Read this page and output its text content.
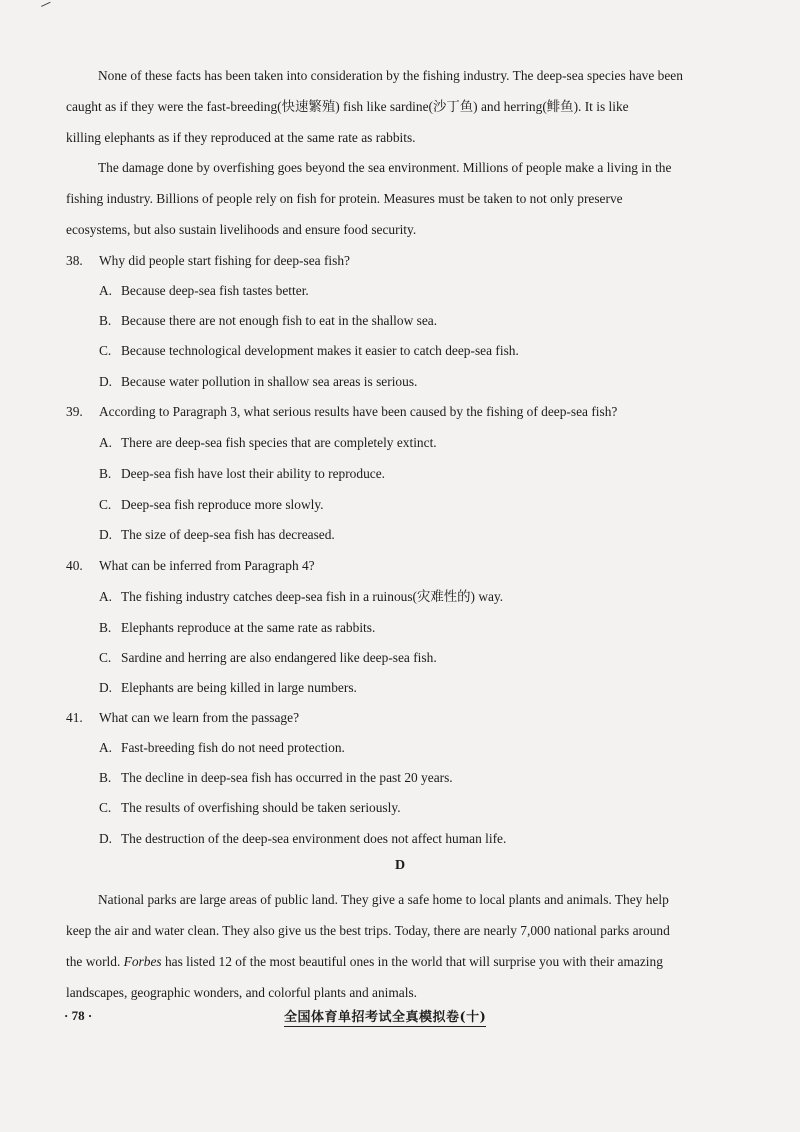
None of these facts has been taken into consideration by the fishing industry. The deep-sea species have been
caught as if they were the fast-breeding(快速繁殖) fish like sardine(沙丁鱼) and herring(鲱鱼). It is like
killing elephants as if they reproduced at the same rate as rabbits.

The damage done by overfishing goes beyond the sea environment. Millions of people make a living in the
fishing industry. Billions of people rely on fish for protein. Measures must be taken to not only preserve
ecosystems, but also sustain livelihoods and ensure food security.

38. Why did people start fishing for deep-sea fish?

A. Because deep-sea fish tastes better.

B. Because there are not enough fish to eat in the shallow sea.

C. Because technological development makes it easier to catch deep-sea fish.

D. Because water pollution in shallow sea areas is serious.

39. According to Paragraph 3, what serious results have been caused by the fishing of deep-sea fish?

A. There are deep-sea fish species that are completely extinct.

B. Deep-sea fish have lost their ability to reproduce.

C. Deep-sea fish reproduce more slowly.

D. The size of deep-sea fish has decreased.

40. What can be inferred from Paragraph 4?

A. The fishing industry catches deep-sea fish in a ruinous(灾难性的) way.

B. Elephants reproduce at the same rate as rabbits.

C. Sardine and herring are also endangered like deep-sea fish.

D. Elephants are being killed in large numbers.

41. What can we learn from the passage?

A. Fast-breeding fish do not need protection.

B. The decline in deep-sea fish has occurred in the past 20 years.

C. The results of overfishing should be taken seriously.

D. The destruction of the deep-sea environment does not affect human life.

D

National parks are large areas of public land. They give a safe home to local plants and animals. They help
keep the air and water clean. They also give us the best trips. Today, there are nearly 7,000 national parks around
the world. Forbes has listed 12 of the most beautiful ones in the world that will surprise you with their amazing
landscapes, geographic wonders, and colorful plants and animals.

· 78 ·	全国体育单招考试全真模拟卷(十)
